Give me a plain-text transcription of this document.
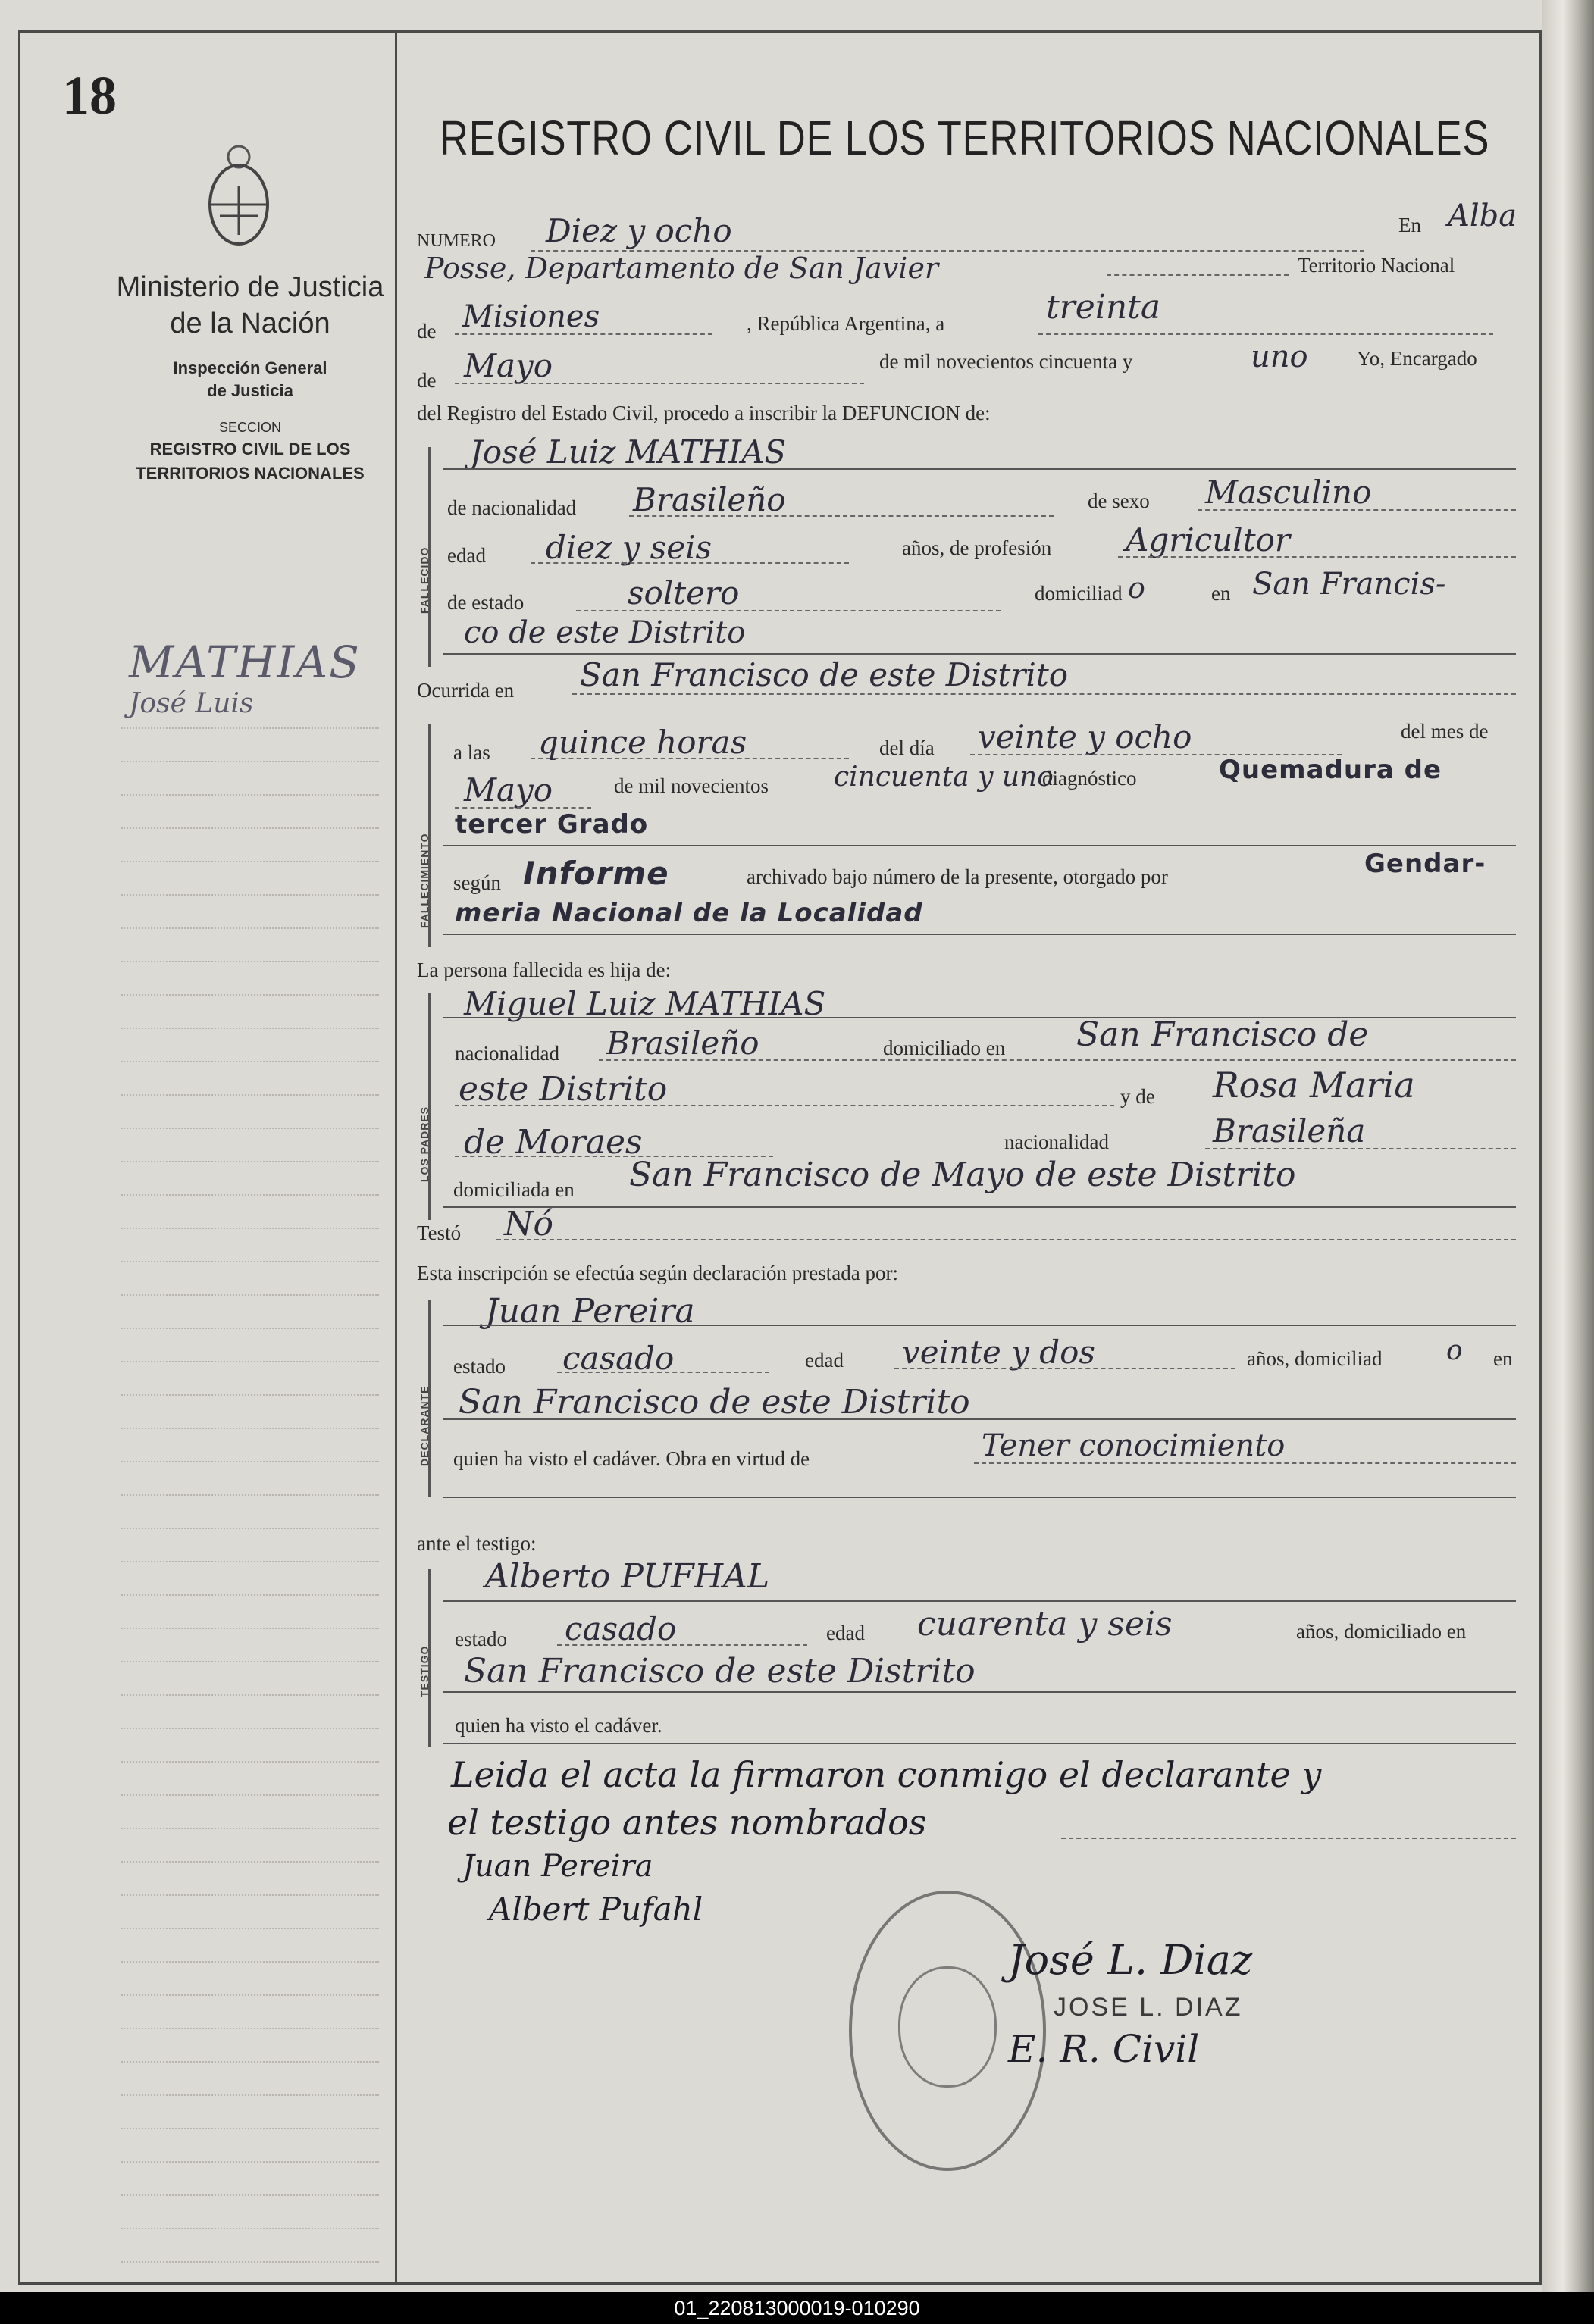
18
Ministerio de Justicia
de la Nación
Inspección General
de Justicia
SECCION
REGISTRO CIVIL DE LOS
TERRITORIOS NACIONALES
MATHIAS
José Luis
REGISTRO CIVIL DE LOS TERRITORIOS NACIONALES
NUMERO Diez y ocho	En Alba
Posse, Departamento de San Javier	Territorio Nacional
de Misiones	, República Argentina, a	treinta
de Mayo	de mil novecientos cincuenta y	uno Yo, Encargado
del Registro del Estado Civil, procedo a inscribir la DEFUNCION de:
FALLECIDO
José Luiz MATHIAS
de nacionalidad Brasileño	de sexo Masculino
edad diez y seis	años, de profesión Agricultor
de estado	soltero	domiciliad o	en San Francis-
co de este Distrito
Ocurrida en San Francisco de este Distrito
FALLECIMIENTO
a las quince horas	del día veinte y ocho	del mes de
Mayo	de mil novecientos cincuenta y uno
diagnóstico	Quemadura de
tercer Grado
según Informe	archivado bajo número de la presente, otorgado por	Gendar-
meria Nacional de la Localidad
La persona fallecida es hija de:
LOS PADRES
Miguel Luiz MATHIAS
nacionalidad Brasileño	domiciliado en San Francisco de
este Distrito	y de Rosa Maria
de Moraes	nacionalidad	Brasileña
domiciliada en San Francisco de Mayo de este Distrito
Testó Nó
Esta inscripción se efectúa según declaración prestada por:
DECLARANTE
Juan Pereira
estado casado	edad veinte y dos	años, domiciliad o en
San Francisco de este Distrito
quien ha visto el cadáver. Obra en virtud de	Tener conocimiento
ante el testigo:
TESTIGO
Alberto PUFHAL
estado casado	edad cuarenta y seis	años, domiciliado en
San Francisco de este Distrito
quien ha visto el cadáver.
Leida el acta la firmaron conmigo el declarante y
el testigo antes nombrados
Juan Pereira
Albert Pufahl
José L. Diaz
JOSE L. DIAZ
E. R. Civil
01_220813000019-010290
